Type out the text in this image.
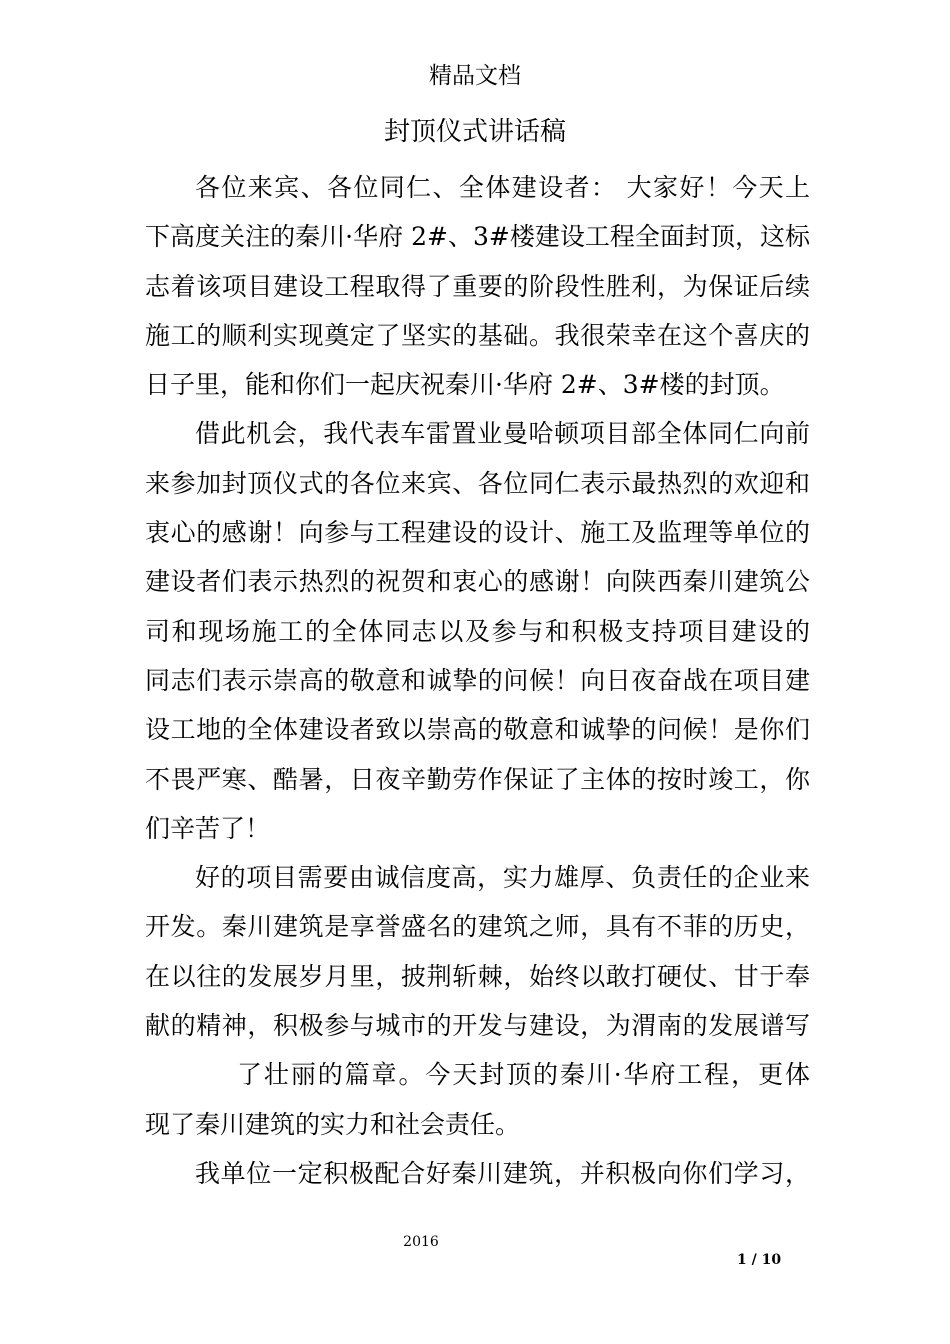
精品文档
封顶仪式讲话稿
各位来宾、各位同仁、全体建设者： 大家好！今天上
下高度关注的秦川·华府 2#、3#楼建设工程全面封顶，这标
志着该项目建设工程取得了重要的阶段性胜利，为保证后续
施工的顺利实现奠定了坚实的基础。我很荣幸在这个喜庆的
日子里，能和你们一起庆祝秦川·华府 2#、3#楼的封顶。
借此机会，我代表车雷置业曼哈顿项目部全体同仁向前
来参加封顶仪式的各位来宾、各位同仁表示最热烈的欢迎和
衷心的感谢！向参与工程建设的设计、施工及监理等单位的
建设者们表示热烈的祝贺和衷心的感谢！向陕西秦川建筑公
司和现场施工的全体同志以及参与和积极支持项目建设的
同志们表示崇高的敬意和诚挚的问候！向日夜奋战在项目建
设工地的全体建设者致以崇高的敬意和诚挚的问候！是你们
不畏严寒、酷暑，日夜辛勤劳作保证了主体的按时竣工，你
们辛苦了！
好的项目需要由诚信度高，实力雄厚、负责任的企业来
开发。秦川建筑是享誉盛名的建筑之师，具有不菲的历史，
在以往的发展岁月里，披荆斩棘，始终以敢打硬仗、甘于奉
献的精神，积极参与城市的开发与建设，为渭南的发展谱写
了壮丽的篇章。今天封顶的秦川·华府工程，更体
现了秦川建筑的实力和社会责任。
我单位一定积极配合好秦川建筑，并积极向你们学习，
2016
1 / 10
